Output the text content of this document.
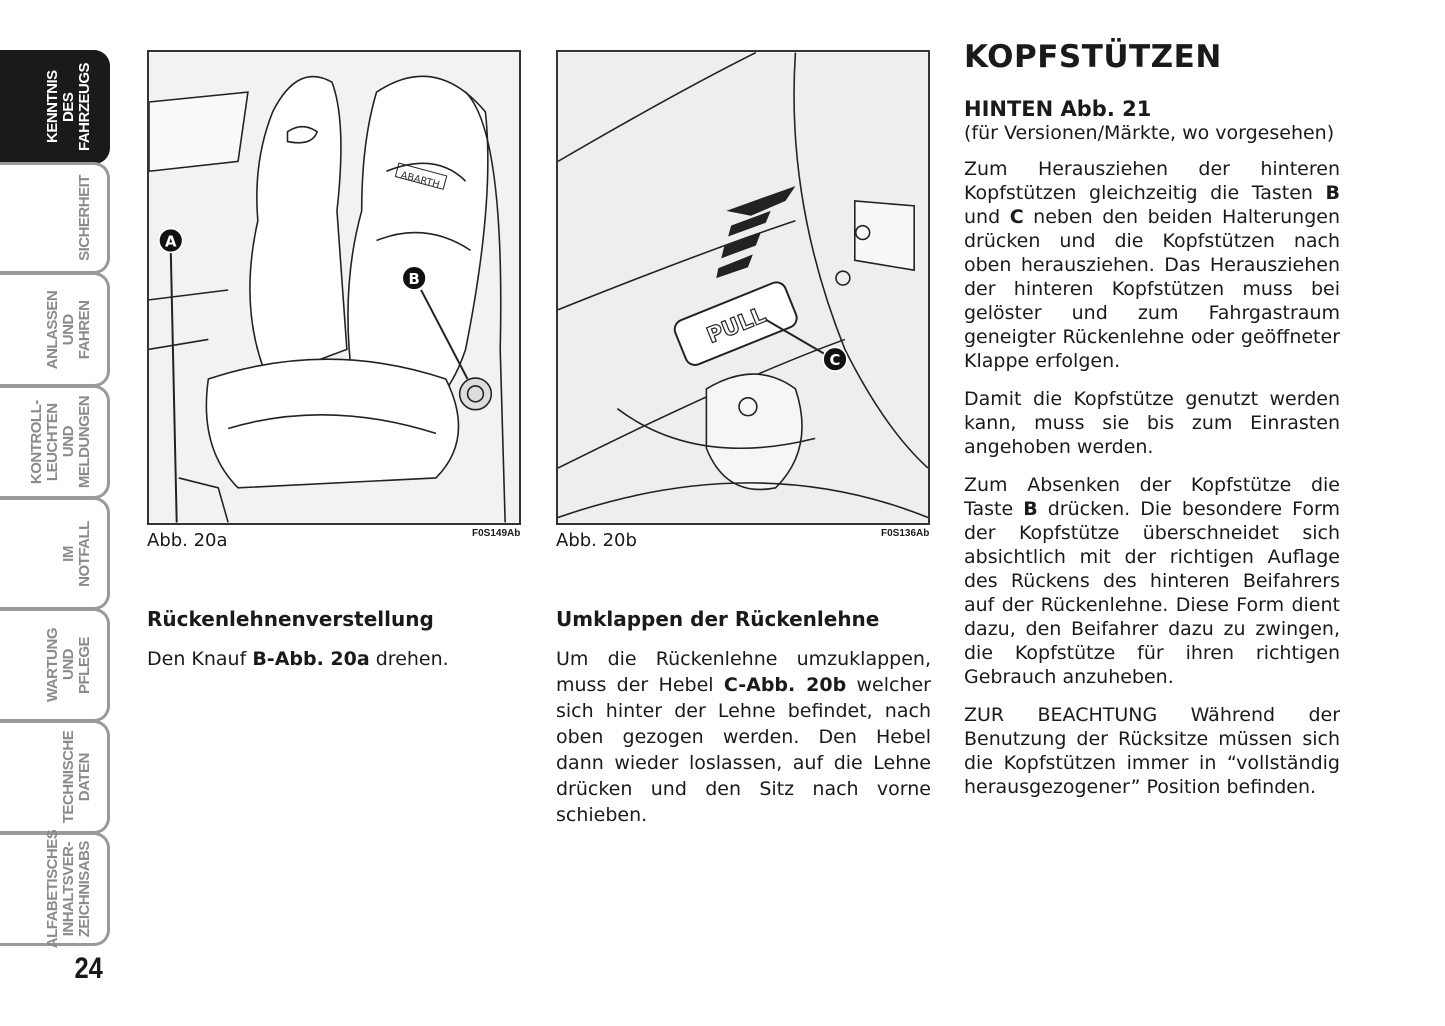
KENNTNIS DES
FAHRZEUGS
SICHERHEIT
ANLASSEN
UND FAHREN
KONTROLL-
LEUCHTEN UND
MELDUNGEN
IM NOTFALL
WARTUNG
UND PFLEGE
TECHNISCHE
DATEN
ALFABETISCHES
INHALTSVER-
ZEICHNISABS
24
ABARTH
A
B
Abb. 20a	F0S149Ab
PULL
C
Abb. 20b	F0S136Ab
Rückenlehnenverstellung

Den Knauf B-Abb. 20a drehen.

Umklappen der Rückenlehne

Um die Rückenlehne umzuklappen, muss der Hebel C-Abb. 20b welcher sich hinter der Lehne befindet, nach oben gezogen werden. Den Hebel dann wieder loslassen, auf die Lehne drücken und den Sitz nach vorne schieben.

KOPFSTÜTZEN
HINTEN Abb. 21

(für Versionen/Märkte, wo vorgesehen)

Zum Herausziehen der hinteren Kopfstützen gleichzeitig die Tasten B und C neben den beiden Halterungen drücken und die Kopfstützen nach oben herausziehen. Das Herausziehen der hinteren Kopfstützen muss bei gelöster und zum Fahrgastraum geneigter Rückenlehne oder geöffneter Klappe erfolgen.

Damit die Kopfstütze genutzt werden kann, muss sie bis zum Einrasten angehoben werden.

Zum Absenken der Kopfstütze die Taste B drücken. Die besondere Form der Kopfstütze überschneidet sich absichtlich mit der richtigen Auflage des Rückens des hinteren Beifahrers auf der Rückenlehne. Diese Form dient dazu, den Beifahrer dazu zu zwingen, die Kopfstütze für ihren richtigen Gebrauch anzuheben.

ZUR BEACHTUNG Während der Benutzung der Rücksitze müssen sich die Kopfstützen immer in “vollständig herausgezogener” Position befinden.
